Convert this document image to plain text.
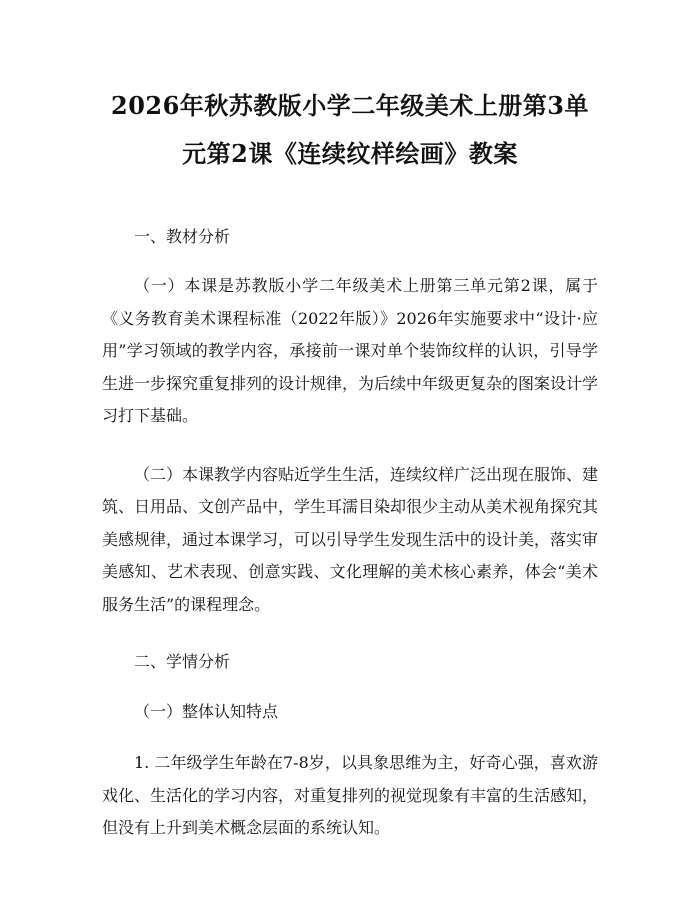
2026年秋苏教版小学二年级美术上册第3单
元第2课《连续纹样绘画》教案

一、教材分析

（一）本课是苏教版小学二年级美术上册第三单元第2课，属于《义务教育美术课程标准（2022年版）》2026年实施要求中“设计·应用”学习领域的教学内容，承接前一课对单个装饰纹样的认识，引导学生进一步探究重复排列的设计规律，为后续中年级更复杂的图案设计学习打下基础。

（二）本课教学内容贴近学生生活，连续纹样广泛出现在服饰、建筑、日用品、文创产品中，学生耳濡目染却很少主动从美术视角探究其美感规律，通过本课学习，可以引导学生发现生活中的设计美，落实审美感知、艺术表现、创意实践、文化理解的美术核心素养，体会“美术服务生活”的课程理念。

二、学情分析

（一）整体认知特点

1. 二年级学生年龄在7-8岁，以具象思维为主，好奇心强，喜欢游戏化、生活化的学习内容，对重复排列的视觉现象有丰富的生活感知，但没有上升到美术概念层面的系统认知。
